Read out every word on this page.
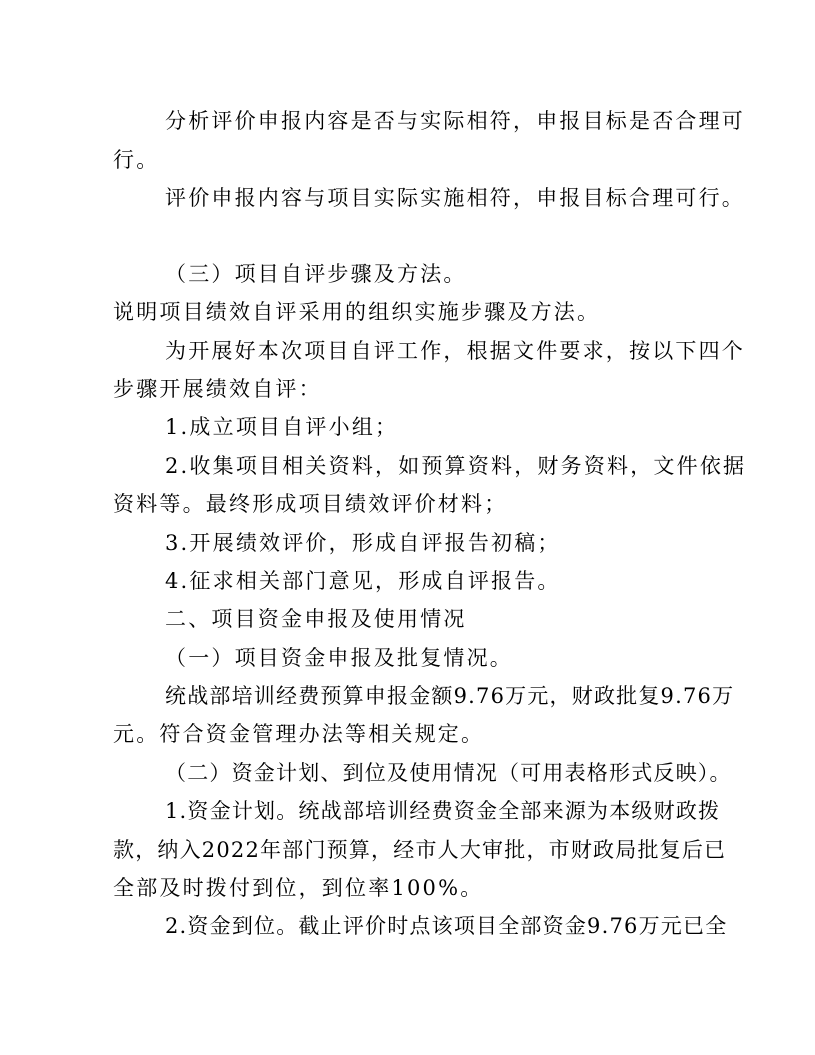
分析评价申报内容是否与实际相符，申报目标是否合理可
行。
评价申报内容与项目实际实施相符，申报目标合理可行。
（三）项目自评步骤及方法。
说明项目绩效自评采用的组织实施步骤及方法。
为开展好本次项目自评工作，根据文件要求，按以下四个
步骤开展绩效自评：
1.成立项目自评小组；
2.收集项目相关资料，如预算资料，财务资料，文件依据
资料等。最终形成项目绩效评价材料；
3.开展绩效评价，形成自评报告初稿；
4.征求相关部门意见，形成自评报告。
二、项目资金申报及使用情况
（一）项目资金申报及批复情况。
统战部培训经费预算申报金额9.76万元，财政批复9.76万
元。符合资金管理办法等相关规定。
（二）资金计划、到位及使用情况（可用表格形式反映）。
1.资金计划。统战部培训经费资金全部来源为本级财政拨
款，纳入2022年部门预算，经市人大审批，市财政局批复后已
全部及时拨付到位，到位率100%。
2.资金到位。截止评价时点该项目全部资金9.76万元已全
